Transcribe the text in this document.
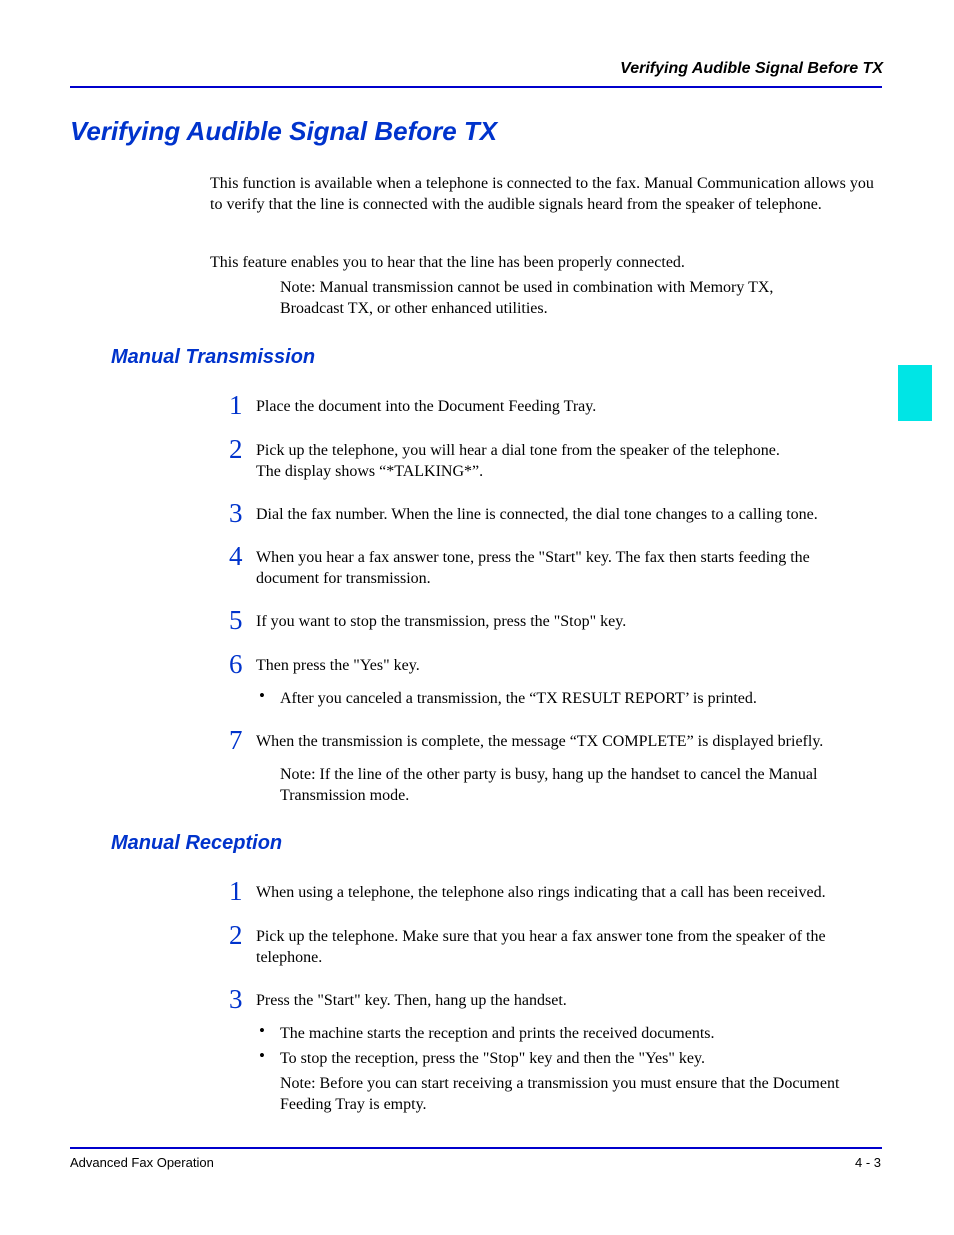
Verifying Audible Signal Before TX
Verifying Audible Signal Before TX

This function is available when a telephone is connected to the fax. Manual Communication allows you to verify that the line is connected with the audible signals heard from the speaker of telephone.

This feature enables you to hear that the line has been properly connected.

Note: Manual transmission cannot be used in combination with Memory TX, Broadcast TX, or other enhanced utilities.

Manual Transmission
1 Place the document into the Document Feeding Tray.
2 Pick up the telephone, you will hear a dial tone from the speaker of the telephone.
The display shows “*TALKING*”.
3 Dial the fax number. When the line is connected, the dial tone changes to a calling tone.
4 When you hear a fax answer tone, press the "Start" key. The fax then starts feeding the document for transmission.
5 If you want to stop the transmission, press the "Stop" key.
6 Then press the "Yes" key.
• After you canceled a transmission, the “TX RESULT REPORT’ is printed.
7 When the transmission is complete, the message “TX COMPLETE” is displayed briefly.

Note: If the line of the other party is busy, hang up the handset to cancel the Manual Transmission mode.

Manual Reception
1 When using a telephone, the telephone also rings indicating that a call has been received.
2 Pick up the telephone. Make sure that you hear a fax answer tone from the speaker of the telephone.
3 Press the "Start" key. Then, hang up the handset.
• The machine starts the reception and prints the received documents.
• To stop the reception, press the "Stop" key and then the "Yes" key.

Note: Before you can start receiving a transmission you must ensure that the Document Feeding Tray is empty.

Advanced Fax Operation	4 - 3
